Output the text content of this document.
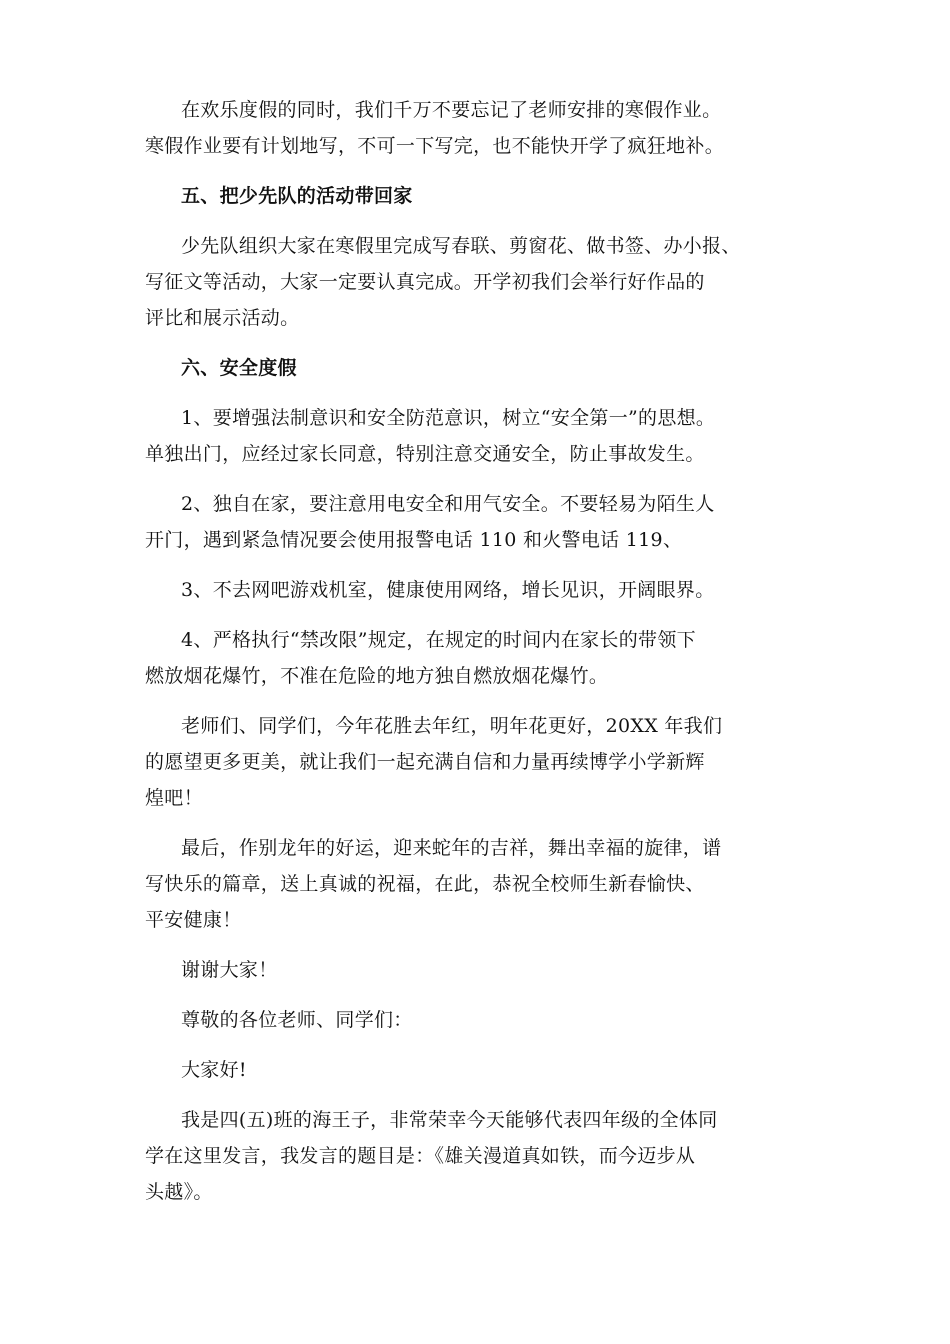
在欢乐度假的同时，我们千万不要忘记了老师安排的寒假作业。
寒假作业要有计划地写，不可一下写完，也不能快开学了疯狂地补。

五、把少先队的活动带回家

少先队组织大家在寒假里完成写春联、剪窗花、做书签、办小报、
写征文等活动，大家一定要认真完成。开学初我们会举行好作品的
评比和展示活动。

六、安全度假

1、要增强法制意识和安全防范意识，树立“安全第一”的思想。
单独出门，应经过家长同意，特别注意交通安全，防止事故发生。

2、独自在家，要注意用电安全和用气安全。不要轻易为陌生人
开门，遇到紧急情况要会使用报警电话 110 和火警电话 119、

3、不去网吧游戏机室，健康使用网络，增长见识，开阔眼界。

4、严格执行“禁改限”规定，在规定的时间内在家长的带领下
燃放烟花爆竹，不准在危险的地方独自燃放烟花爆竹。

老师们、同学们，今年花胜去年红，明年花更好，20XX 年我们
的愿望更多更美，就让我们一起充满自信和力量再续博学小学新辉
煌吧！

最后，作别龙年的好运，迎来蛇年的吉祥，舞出幸福的旋律，谱
写快乐的篇章，送上真诚的祝福，在此，恭祝全校师生新春愉快、
平安健康！

谢谢大家！

尊敬的各位老师、同学们：

大家好!

我是四(五)班的海王子，非常荣幸今天能够代表四年级的全体同
学在这里发言，我发言的题目是：《雄关漫道真如铁，而今迈步从
头越》。
